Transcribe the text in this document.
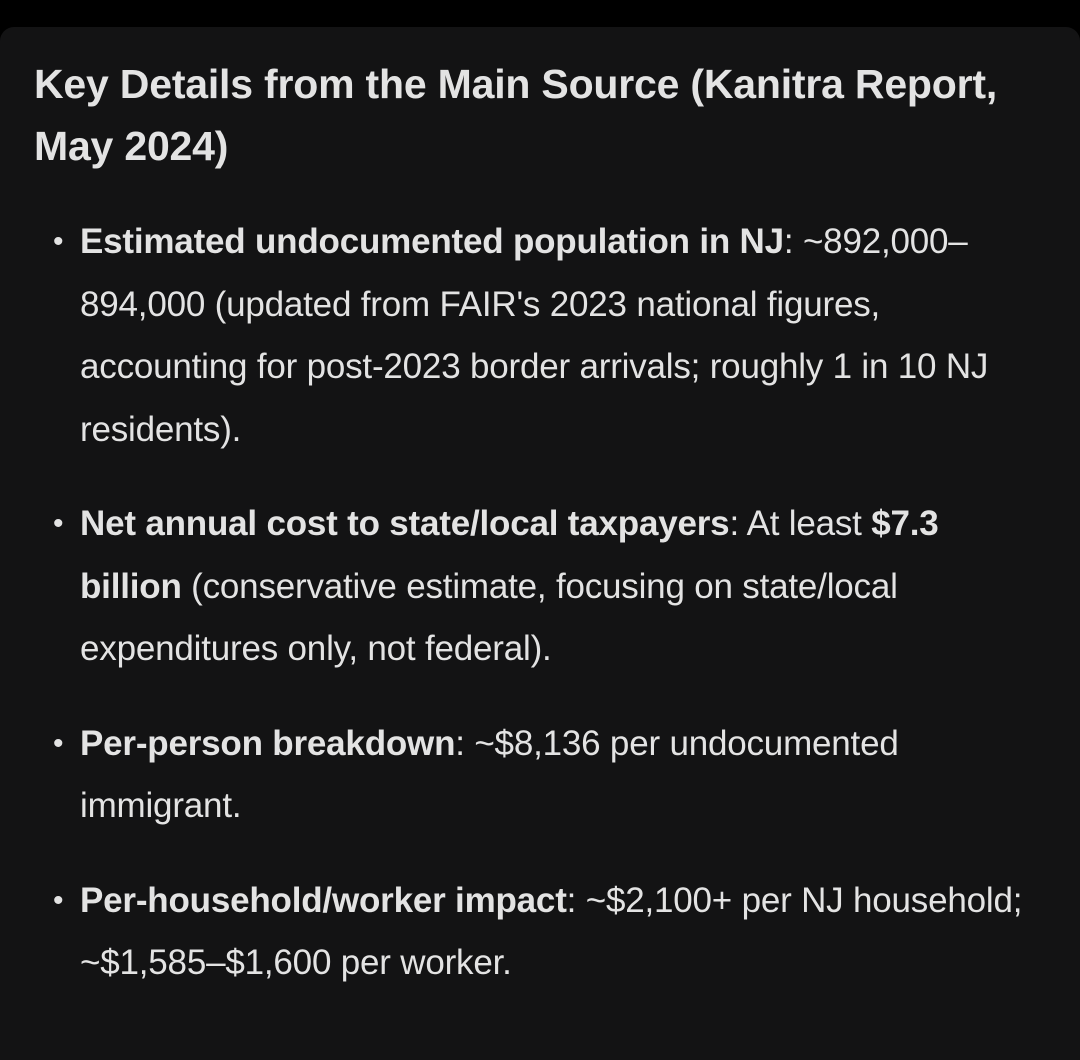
Key Details from the Main Source (Kanitra Report, May 2024)
• Estimated undocumented population in NJ: ~892,000–894,000 (updated from FAIR's 2023 national figures, accounting for post-2023 border arrivals; roughly 1 in 10 NJ residents).
• Net annual cost to state/local taxpayers: At least $7.3 billion (conservative estimate, focusing on state/local expenditures only, not federal).
• Per-person breakdown: ~$8,136 per undocumented immigrant.
• Per-household/worker impact: ~$2,100+ per NJ household; ~$1,585–$1,600 per worker.
